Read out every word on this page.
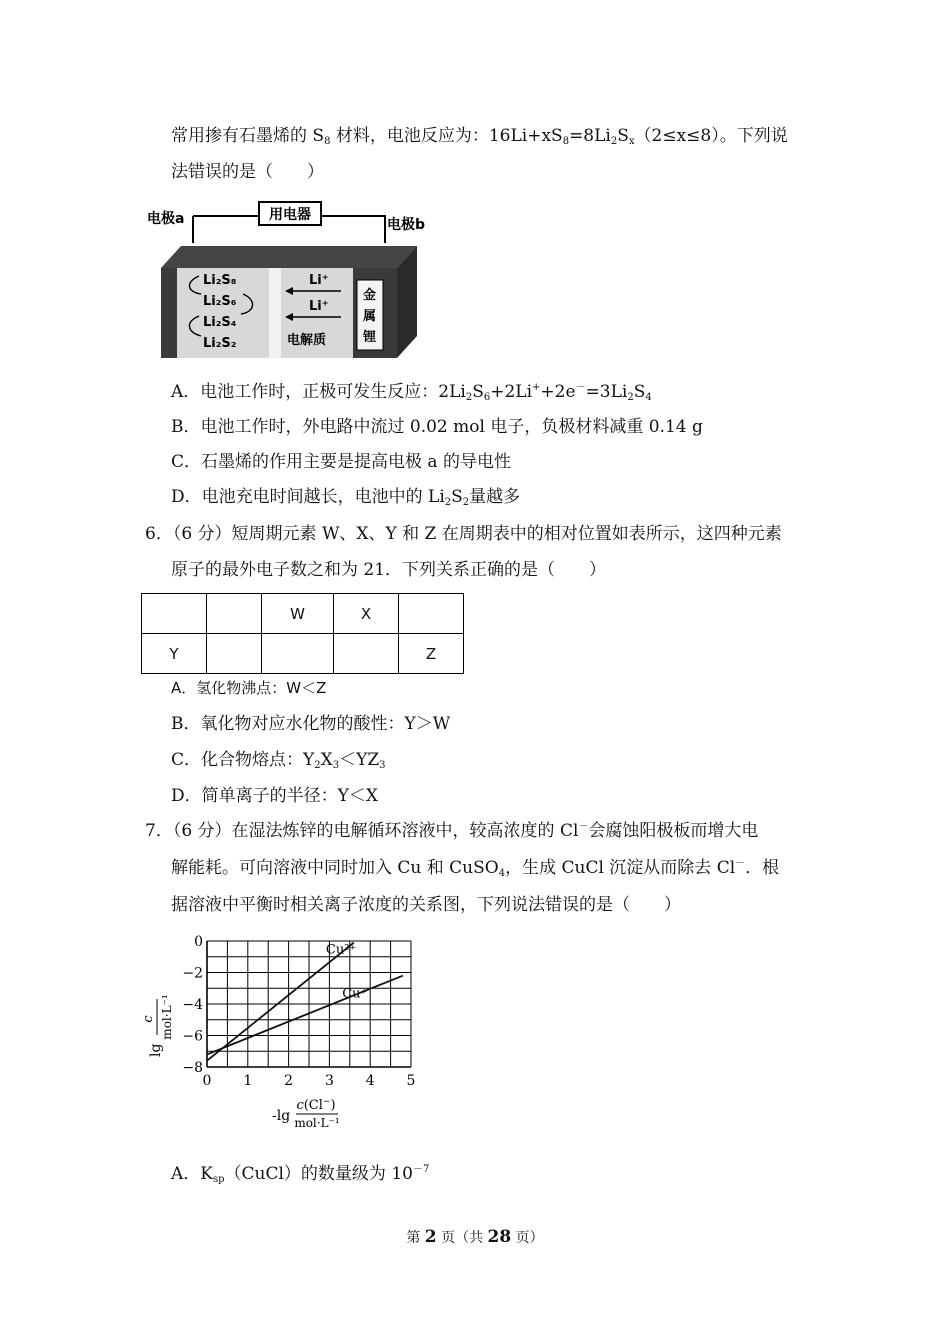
常用掺有石墨烯的 $S_8$ 材料，电池反应为：$16Li+xS_8=8Li_2S_x(2\le x\le 8)$。下列说
法错误的是（　　）
用电器
电极a	电极b
Li₂S₈
Li₂S₆
Li₂S₄
Li₂S₂
Li⁺
Li⁺
电解质
金
属
锂
A．电池工作时，正极可发生反应：$2Li_2S_6+2Li^++2e^-=3Li_2S_4$
B．电池工作时，外电路中流过 0.02 mol 电子，负极材料减重 0.14 g
C．石墨烯的作用主要是提高电极 a 的导电性
D．电池充电时间越长，电池中的 $Li_2S_2$量越多
6．（6 分）短周期元素 W、X、Y 和 Z 在周期表中的相对位置如表所示，这四种元素
原子的最外电子数之和为 21．下列关系正确的是（　　）
		W	X	
Y				Z
A．氢化物沸点：W＜Z
B．氧化物对应水化物的酸性：Y＞W
C．化合物熔点：$Y_2X_3<YZ_3$
D．简单离子的半径：Y＜X
7．（6 分）在湿法炼锌的电解循环溶液中，较高浓度的 Cl－会腐蚀阳极板而增大电
解能耗。可向溶液中同时加入 Cu 和 CuSO$_4$，生成 CuCl 沉淀从而除去 Cl－．根
据溶液中平衡时相关离子浓度的关系图，下列说法错误的是（　　）
0 1 2 3 4 5
0
−2
−4
−6
−8
Cu²⁺
Cu⁺
lg
c mol·L⁻¹
-lg
c(Cl−)
mol·L⁻¹
A．$K_{sp}(CuCl)$的数量级为 $10^{-7}$
第 2 页（共 28 页）
